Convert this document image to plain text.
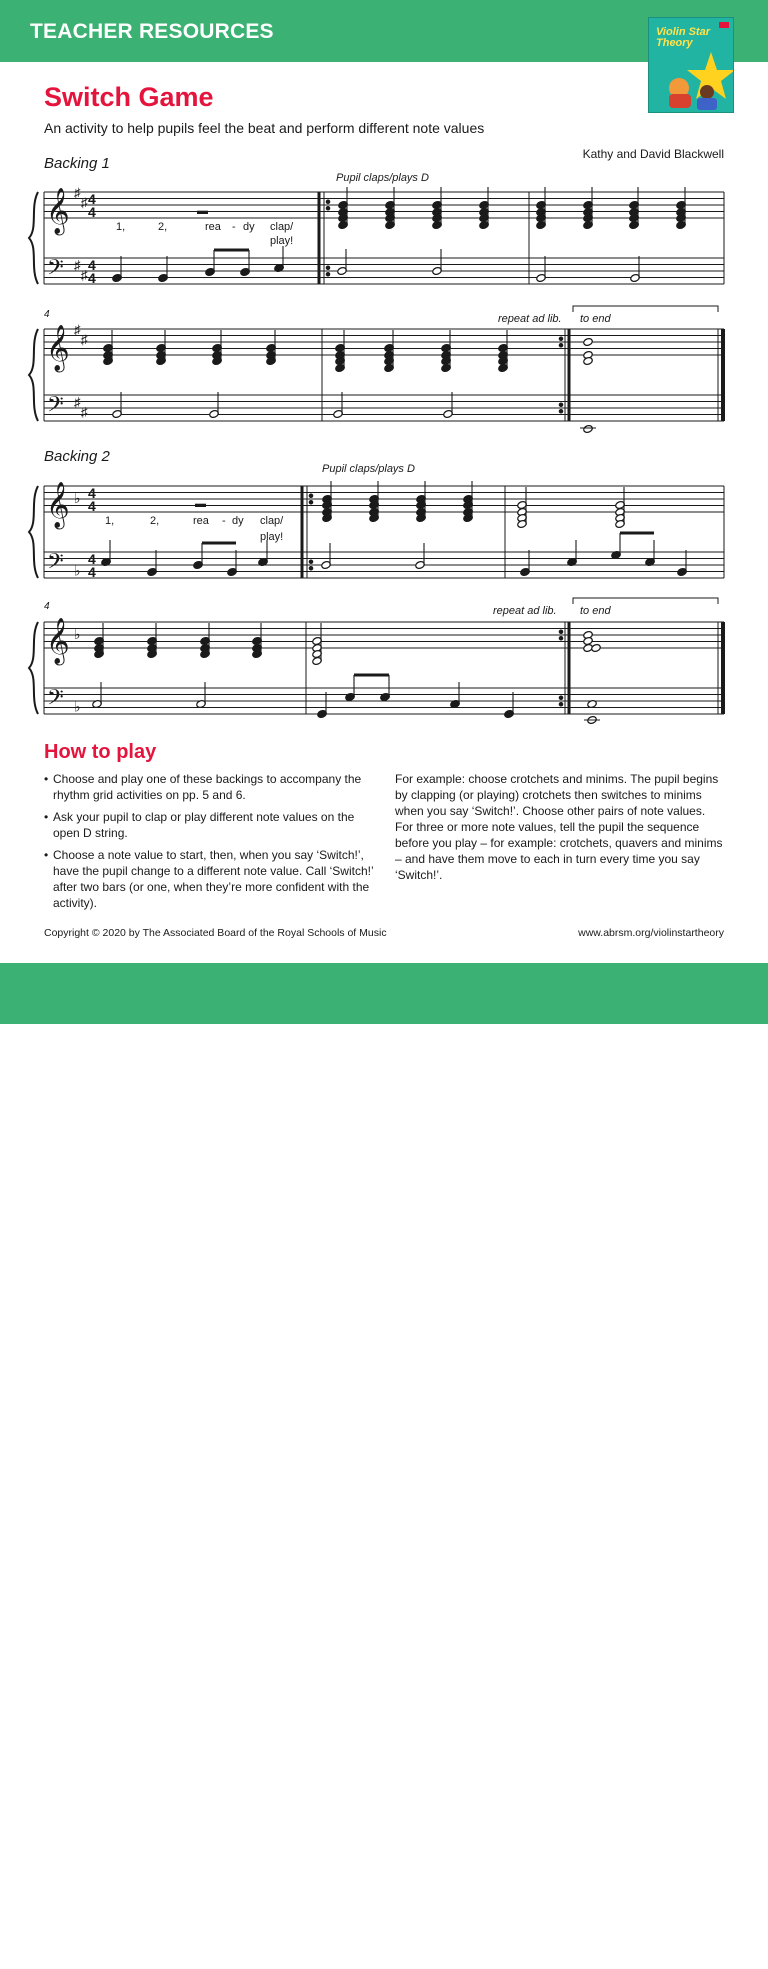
TEACHER RESOURCES	Violin Star
Theory
Switch Game
An activity to help pupils feel the beat and perform different note values
Kathy and David Blackwell
Backing 1
Backing 2
𝄞
𝄢
♯
♯
♯
♯
4
4
4
4
▬
1,	2,	rea - dy clap/
play!
Pupil claps/plays D
𝄞
𝄢
♯
♯
♯
♯
4	repeat ad lib. to end
𝄞
𝄢
♭
♭
4
4
4
4
▬
1,	2,	rea - dy clap/
play!
Pupil claps/plays D
𝄞
𝄢
♭
♭
4	repeat ad lib. to end
How to play
• Choose and play one of these backings to accompany the rhythm grid activities on pp. 5 and 6.
• Ask your pupil to clap or play different note values on the open D string.
• Choose a note value to start, then, when you say ‘Switch!’, have the pupil change to a different note value. Call ‘Switch!’ after two bars (or one, when they’re more confident with the activity).
For example: choose crotchets and minims. The pupil begins by clapping (or playing) crotchets then switches to minims when you say ‘Switch!’. Choose other pairs of note values. For three or more note values, tell the pupil the sequence before you play – for example: crotchets, quavers and minims – and have them move to each in turn every time you say ‘Switch!’.
Copyright © 2020 by The Associated Board of the Royal Schools of Music	www.abrsm.org/violinstartheory
VIOLIN STAR THEORY	ABRSM
